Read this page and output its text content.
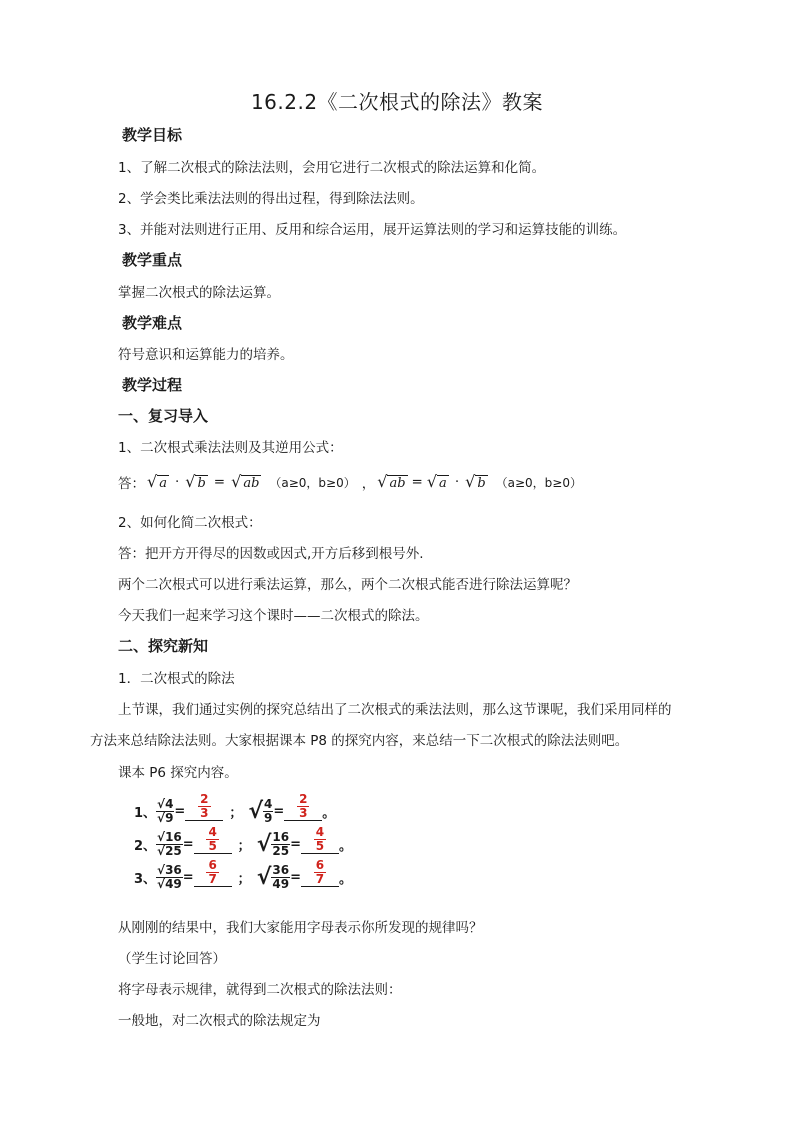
16.2.2《二次根式的除法》教案
教学目标
1、了解二次根式的除法法则，会用它进行二次根式的除法运算和化简。
2、学会类比乘法法则的得出过程，得到除法法则。
3、并能对法则进行正用、反用和综合运用，展开运算法则的学习和运算技能的训练。
教学重点
掌握二次根式的除法运算。
教学难点
符号意识和运算能力的培养。
教学过程
一、复习导入
1、二次根式乘法法则及其逆用公式：
答： √ a · √ b = √ ab （a≥0，b≥0） ， √ ab = √ a · √ b （a≥0，b≥0）
2、如何化简二次根式：
答：把开方开得尽的因数或因式,开方后移到根号外.
两个二次根式可以进行乘法运算，那么，两个二次根式能否进行除法运算呢？
今天我们一起来学习这个课时——二次根式的除法。
二、探究新知
1．二次根式的除法
上节课，我们通过实例的探究总结出了二次根式的乘法法则，那么这节课呢，我们采用同样的
方法来总结除法法则。大家根据课本 P8 的探究内容，来总结一下二次根式的除法法则吧。
课本 P6 探究内容。
1、 $\frac{√4}{√9} = \frac{2}{3}$ ； √ $\frac{4}{9} = \frac{2}{3}$ 。
2、 $\frac{√16}{√25} = \frac{4}{5}$ ； √ $\frac{16}{25} = \frac{4}{5}$ 。
3、 $\frac{√36}{√49} = \frac{6}{7}$ ； √ $\frac{36}{49} = \frac{6}{7}$ 。
从刚刚的结果中，我们大家能用字母表示你所发现的规律吗？
（学生讨论回答）
将字母表示规律，就得到二次根式的除法法则：
一般地，对二次根式的除法规定为
